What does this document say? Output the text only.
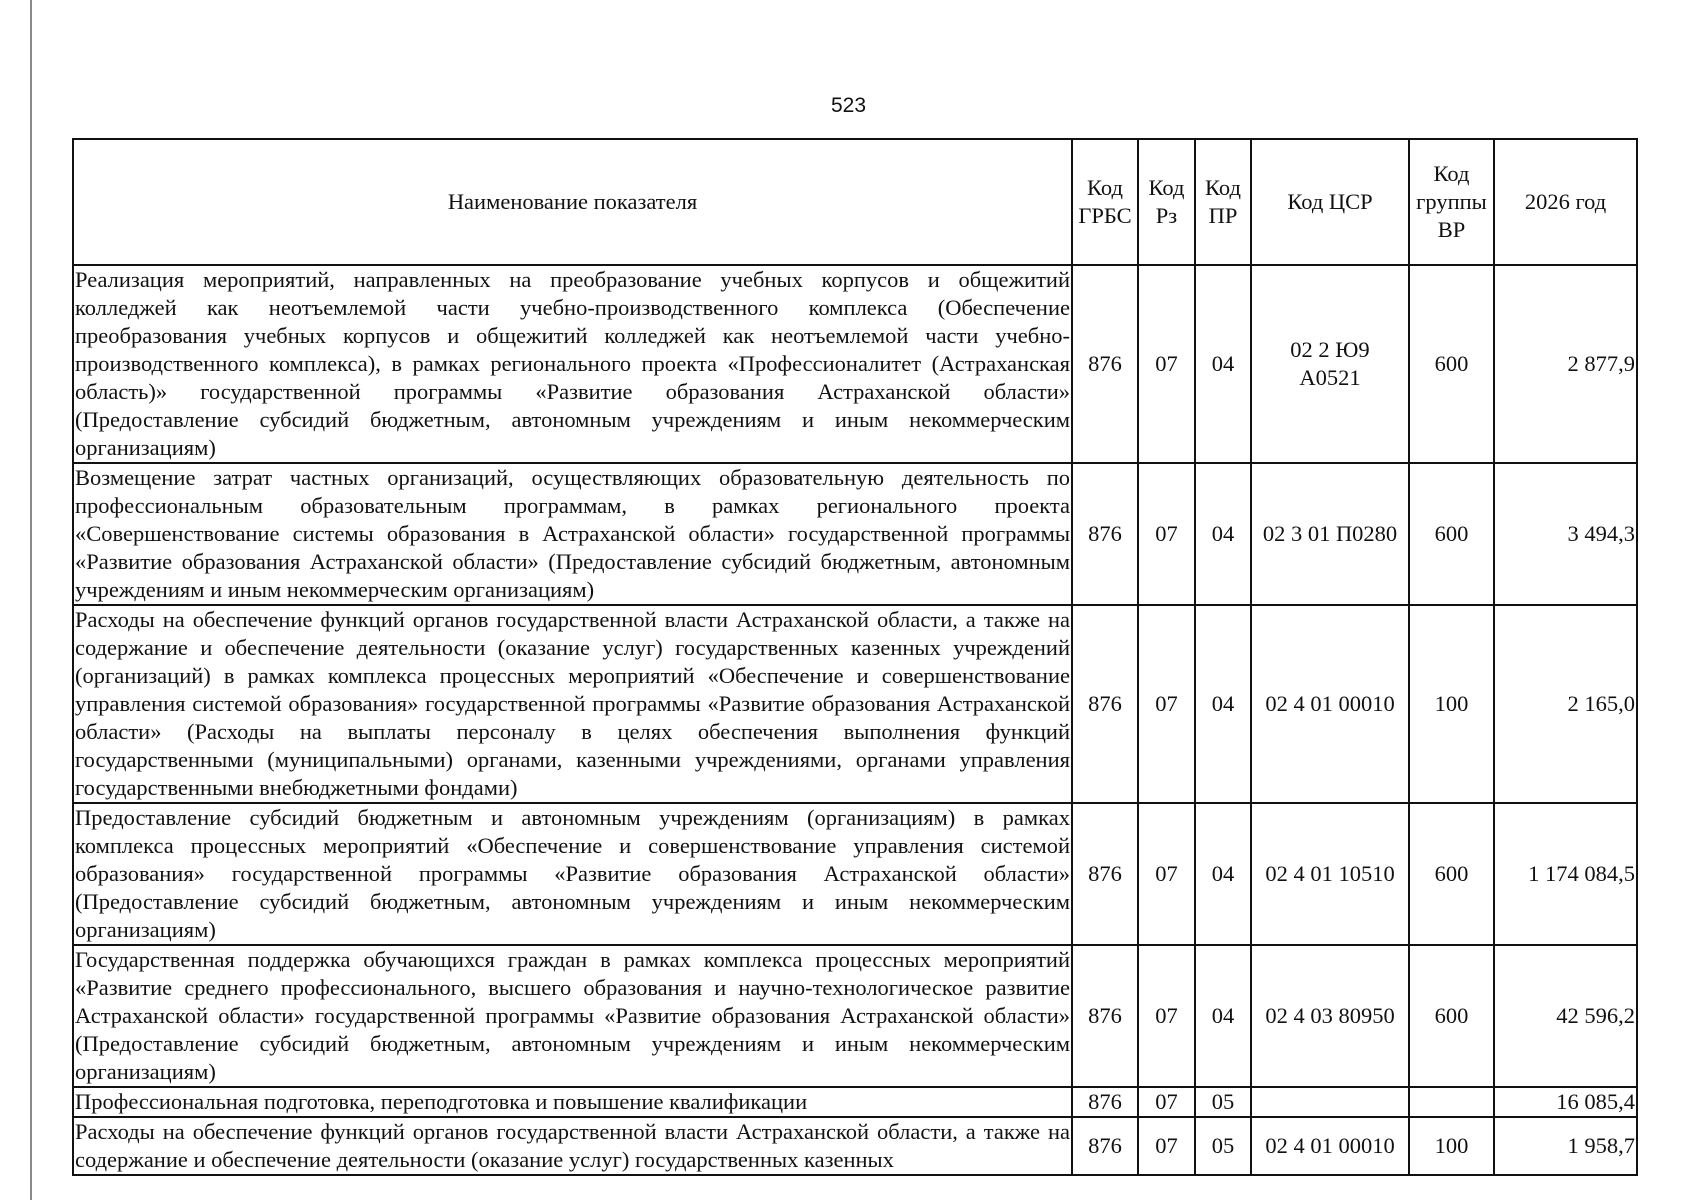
523
Наименование показателя	Код ГРБС	Код Рз	Код ПР	Код ЦСР	Код группы ВР	2026 год
Реализация мероприятий, направленных на преобразование учебных корпусов и общежитий колледжей как неотъемлемой части учебно-производственного комплекса (Обеспечение преобразования учебных корпусов и общежитий колледжей как неотъемлемой части учебно-производственного комплекса), в рамках регионального проекта «Профессионалитет (Астраханская область)» государственной программы «Развитие образования Астраханской области» (Предоставление субсидий бюджетным, автономным учреждениям и иным некоммерческим организациям)	876	07	04	02 2 Ю9 А0521	600	2 877,9
Возмещение затрат частных организаций, осуществляющих образовательную деятельность по профессиональным образовательным программам, в рамках регионального проекта «Совершенствование системы образования в Астраханской области» государственной программы «Развитие образования Астраханской области» (Предоставление субсидий бюджетным, автономным учреждениям и иным некоммерческим организациям)	876	07	04	02 3 01 П0280	600	3 494,3
Расходы на обеспечение функций органов государственной власти Астраханской области, а также на содержание и обеспечение деятельности (оказание услуг) государственных казенных учреждений (организаций) в рамках комплекса процессных мероприятий «Обеспечение и совершенствование управления системой образования» государственной программы «Развитие образования Астраханской области» (Расходы на выплаты персоналу в целях обеспечения выполнения функций государственными (муниципальными) органами, казенными учреждениями, органами управления государственными внебюджетными фондами)	876	07	04	02 4 01 00010	100	2 165,0
Предоставление субсидий бюджетным и автономным учреждениям (организациям) в рамках комплекса процессных мероприятий «Обеспечение и совершенствование управления системой образования» государственной программы «Развитие образования Астраханской области» (Предоставление субсидий бюджетным, автономным учреждениям и иным некоммерческим организациям)	876	07	04	02 4 01 10510	600	1 174 084,5
Государственная поддержка обучающихся граждан в рамках комплекса процессных мероприятий «Развитие среднего профессионального, высшего образования и научно-технологическое развитие Астраханской области» государственной программы «Развитие образования Астраханской области» (Предоставление субсидий бюджетным, автономным учреждениям и иным некоммерческим организациям)	876	07	04	02 4 03 80950	600	42 596,2
Профессиональная подготовка, переподготовка и повышение квалификации	876	07	05			16 085,4
Расходы на обеспечение функций органов государственной власти Астраханской области, а также на содержание и обеспечение деятельности (оказание услуг) государственных казенных	876	07	05	02 4 01 00010	100	1 958,7
